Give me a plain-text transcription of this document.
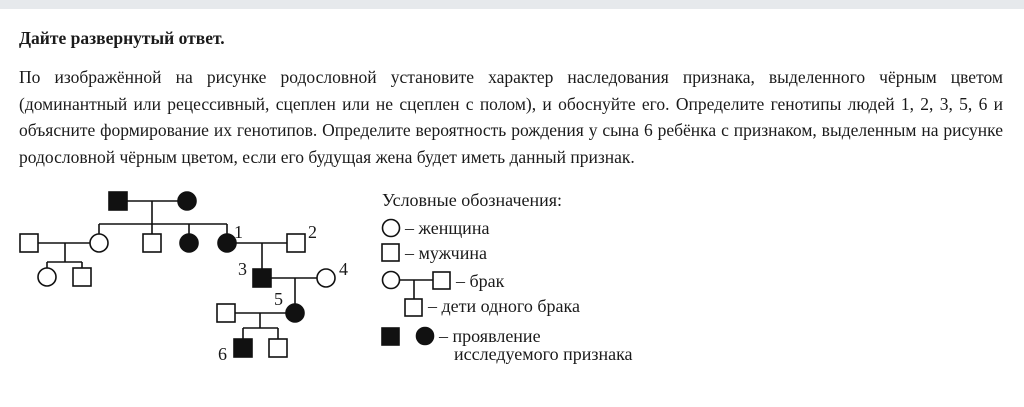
Дайте развернутый ответ.

По изображённой на рисунке родословной установите характер наследования признака, выделенного чёрным цветом (доминантный или рецессивный, сцеплен или не сцеплен с полом), и обоснуйте его. Определите генотипы людей 1, 2, 3, 5, 6 и объясните формирование их генотипов. Определите вероятность рождения у сына 6 ребёнка с признаком, выделенным на рисунке родословной чёрным цветом, если его будущая жена будет иметь данный признак.

1	2
3	4
5
6
Условные обозначения:
– женщина
– мужчина
– брак
– дети одного брака
– проявление
исследуемого признака
